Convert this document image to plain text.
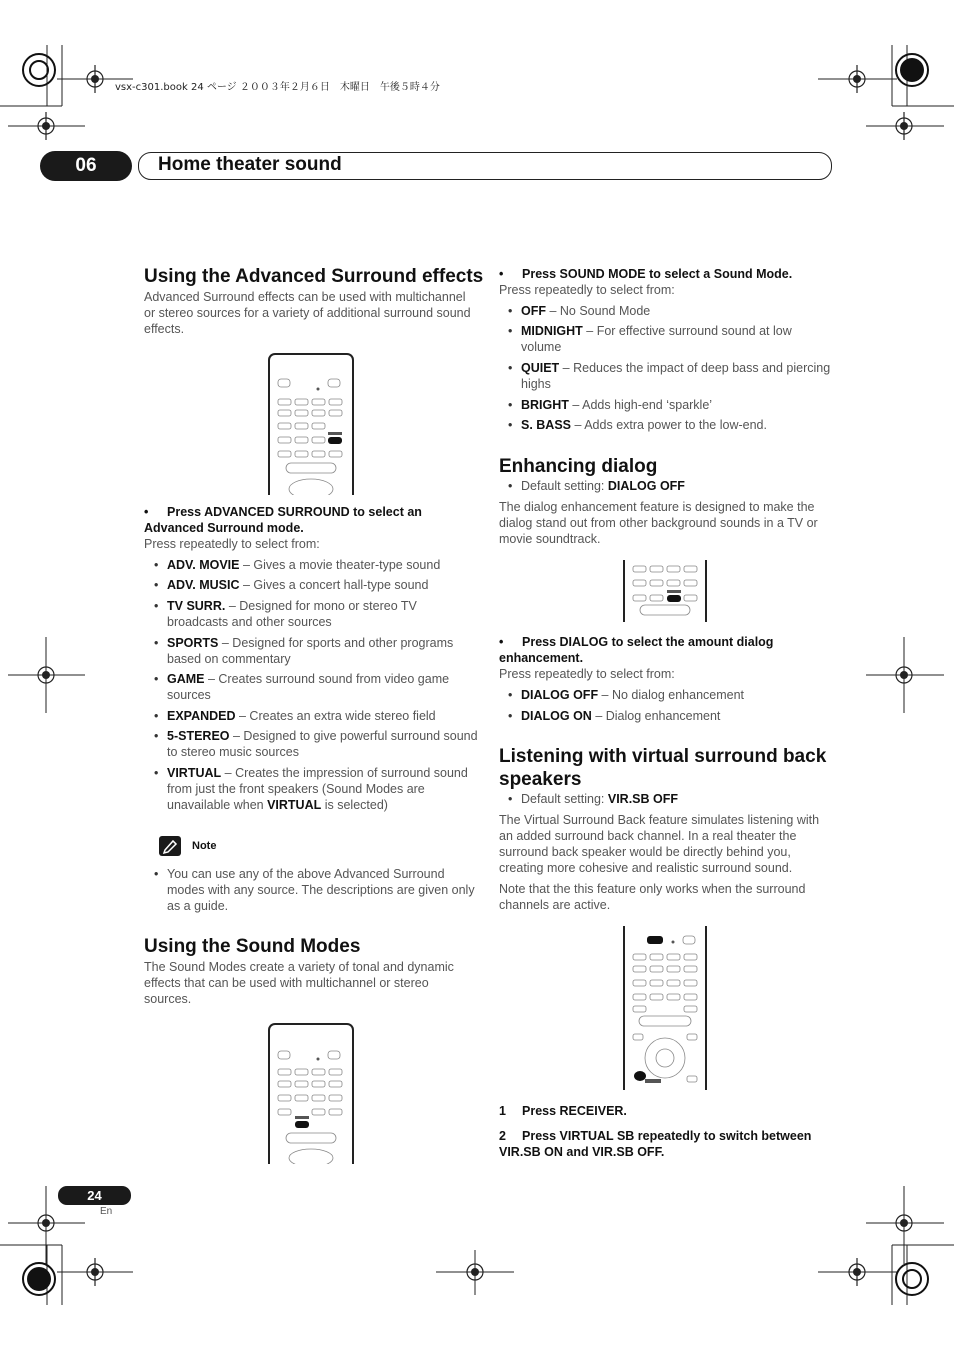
vsx-c301.book 24 ページ ２００３年２月６日　木曜日　午後５時４分
06	Home theater sound
Using the Advanced Surround effects
Advanced Surround effects can be used with multichannel or stereo sources for a variety of additional surround sound effects.
• Press ADVANCED SURROUND to select an Advanced Surround mode.
Press repeatedly to select from:
• ADV. MOVIE – Gives a movie theater-type sound
• ADV. MUSIC – Gives a concert hall-type sound
• TV SURR. – Designed for mono or stereo TV broadcasts and other sources
• SPORTS – Designed for sports and other programs based on commentary
• GAME – Creates surround sound from video game sources
• EXPANDED – Creates an extra wide stereo field
• 5-STEREO – Designed to give powerful surround sound to stereo music sources
• VIRTUAL – Creates the impression of surround sound from just the front speakers (Sound Modes are unavailable when VIRTUAL is selected)
Note
• You can use any of the above Advanced Surround modes with any source. The descriptions are given only as a guide.
Using the Sound Modes
The Sound Modes create a variety of tonal and dynamic effects that can be used with multichannel or stereo sources.
• Press SOUND MODE to select a Sound Mode.
Press repeatedly to select from:
• OFF – No Sound Mode
• MIDNIGHT – For effective surround sound at low volume
• QUIET – Reduces the impact of deep bass and piercing highs
• BRIGHT – Adds high-end ‘sparkle’
• S. BASS – Adds extra power to the low-end.
Enhancing dialog
• Default setting: DIALOG OFF
The dialog enhancement feature is designed to make the dialog stand out from other background sounds in a TV or movie soundtrack.
• Press DIALOG to select the amount dialog enhancement.
Press repeatedly to select from:
• DIALOG OFF – No dialog enhancement
• DIALOG ON – Dialog enhancement
Listening with virtual surround back speakers
• Default setting: VIR.SB OFF
The Virtual Surround Back feature simulates listening with an added surround back channel. In a real theater the surround back speaker would be directly behind you, creating more cohesive and realistic surround sound.
Note that the this feature only works when the surround channels are active.
1 Press RECEIVER.
2 Press VIRTUAL SB repeatedly to switch between VIR.SB ON and VIR.SB OFF.
24
En
